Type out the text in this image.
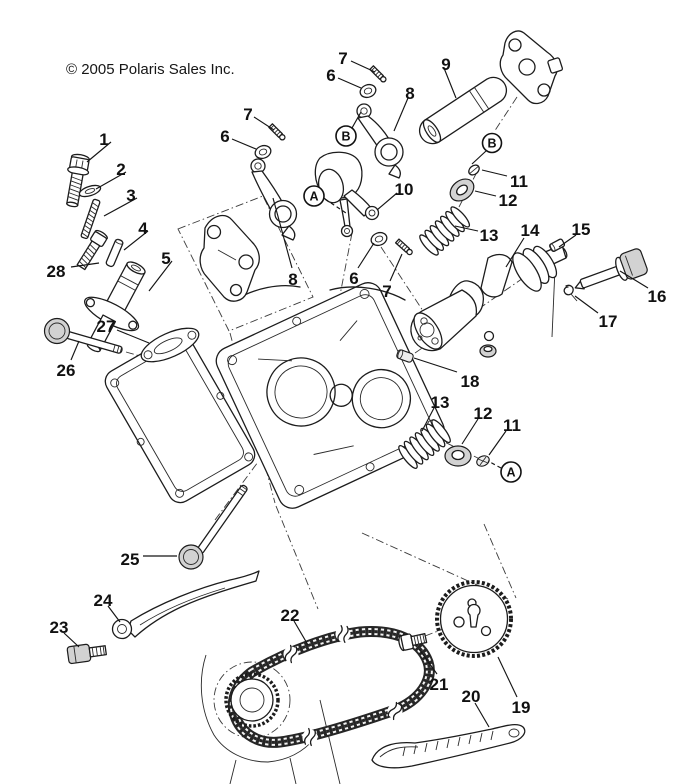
© 2005 Polaris Sales Inc.
1
2
3
4
5
6
7
6
7
8
9
10	11
12
13 14 15
16
17
18
13
12
11
6
7
8
26
27
28
25
24
23
22
21
20
19
A
B	B
A
